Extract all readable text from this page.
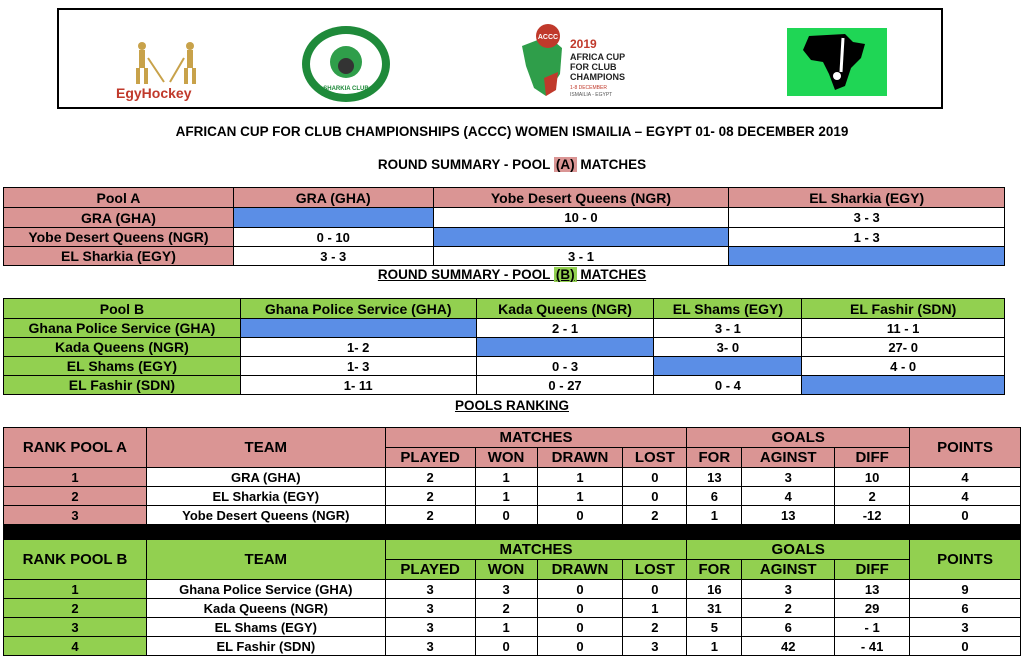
EgyHockey	SHARKIA CLUB
ACCC 2019
AFRICA CUP
FOR CLUB
CHAMPIONS
1-8 DECEMBER
ISMAILIA - EGYPT
AFRICAN CUP FOR CLUB CHAMPIONSHIPS (ACCC) WOMEN ISMAILIA – EGYPT 01- 08 DECEMBER 2019
ROUND SUMMARY - POOL (A) MATCHES
Pool A	GRA (GHA)	Yobe Desert Queens (NGR)	EL Sharkia (EGY)
GRA (GHA)		10 - 0	3 - 3
Yobe Desert Queens (NGR)	0 - 10		1 - 3
EL Sharkia (EGY)	3 - 3	3 - 1	
ROUND SUMMARY - POOL (B) MATCHES
Pool B	Ghana Police Service (GHA)	Kada Queens (NGR)	EL Shams (EGY)	EL Fashir (SDN)
Ghana Police Service (GHA)		2 - 1	3 - 1	11 - 1
Kada Queens (NGR)	1- 2		3- 0	27- 0
EL Shams (EGY)	1- 3	0 - 3		4 - 0
EL Fashir (SDN)	1- 11	0 - 27	0 - 4	
POOLS RANKING
RANK POOL A	TEAM	MATCHES				GOALS			POINTS
		PLAYED	WON	DRAWN	LOST	FOR	AGINST	DIFF	
1	GRA (GHA)	2	1	1	0	13	3	10	4
2	EL Sharkia (EGY)	2	1	1	0	6	4	2	4
3	Yobe Desert Queens (NGR)	2	0	0	2	1	13	-12	0

RANK POOL B	TEAM	MATCHES				GOALS			POINTS
		PLAYED	WON	DRAWN	LOST	FOR	AGINST	DIFF	
1	Ghana Police Service (GHA)	3	3	0	0	16	3	13	9
2	Kada Queens (NGR)	3	2	0	1	31	2	29	6
3	EL Shams (EGY)	3	1	0	2	5	6	- 1	3
4	EL Fashir (SDN)	3	0	0	3	1	42	- 41	0
